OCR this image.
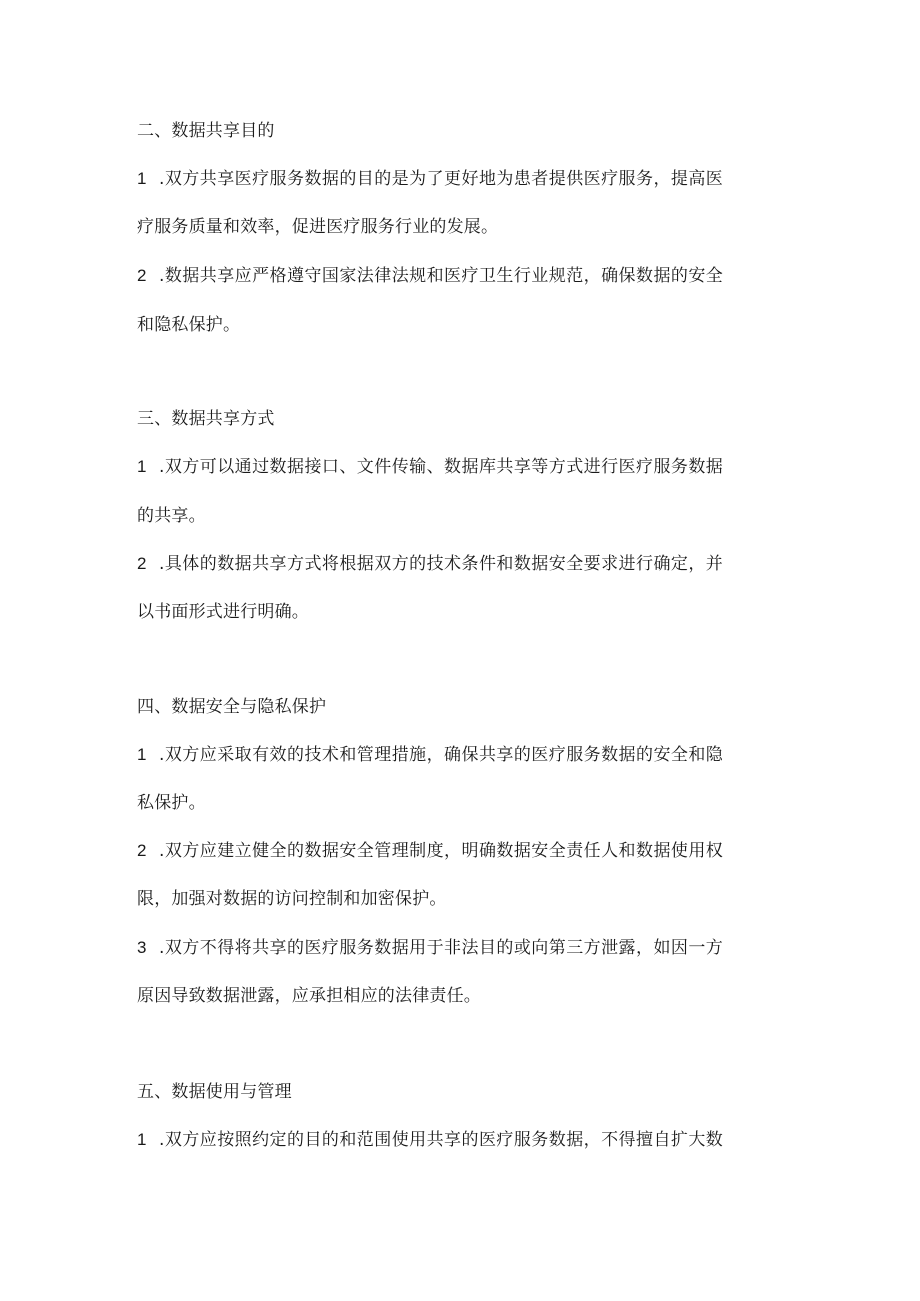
二、数据共享目的
1 .双方共享医疗服务数据的目的是为了更好地为患者提供医疗服务，提高医
疗服务质量和效率，促进医疗服务行业的发展。
2 .数据共享应严格遵守国家法律法规和医疗卫生行业规范，确保数据的安全
和隐私保护。
三、数据共享方式
1 .双方可以通过数据接口、文件传输、数据库共享等方式进行医疗服务数据
的共享。
2 .具体的数据共享方式将根据双方的技术条件和数据安全要求进行确定，并
以书面形式进行明确。
四、数据安全与隐私保护
1 .双方应采取有效的技术和管理措施，确保共享的医疗服务数据的安全和隐
私保护。
2 .双方应建立健全的数据安全管理制度，明确数据安全责任人和数据使用权
限，加强对数据的访问控制和加密保护。
3 .双方不得将共享的医疗服务数据用于非法目的或向第三方泄露，如因一方
原因导致数据泄露，应承担相应的法律责任。
五、数据使用与管理
1 .双方应按照约定的目的和范围使用共享的医疗服务数据，不得擅自扩大数
